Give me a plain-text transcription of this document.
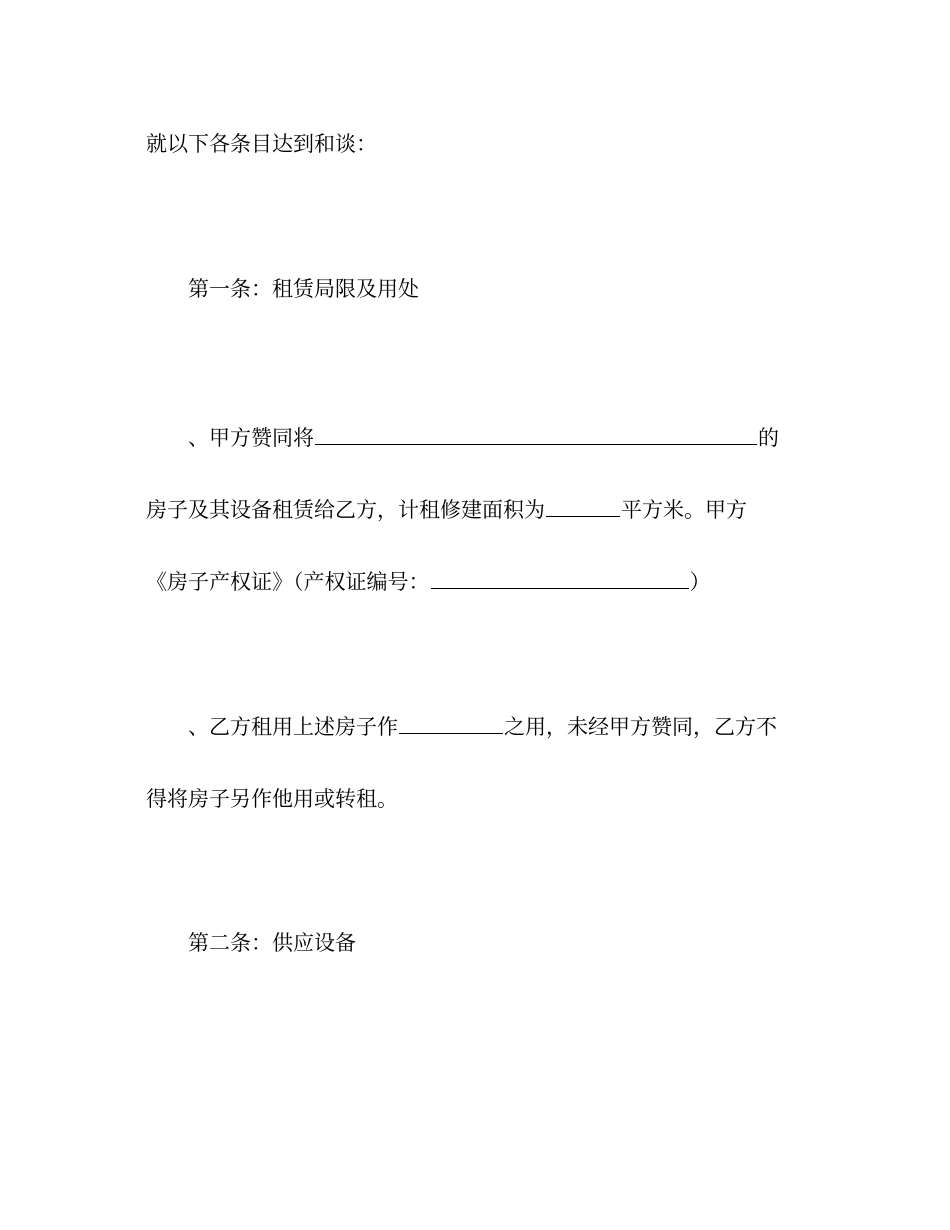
就以下各条目达到和谈：
第一条：租赁局限及用处
、甲方赞同将	的
房子及其设备租赁给乙方，计租修建面积为	平方米。甲方
《房子产权证》（产权证编号：	）
、乙方租用上述房子作	之用，未经甲方赞同，乙方不
得将房子另作他用或转租。
第二条：供应设备
